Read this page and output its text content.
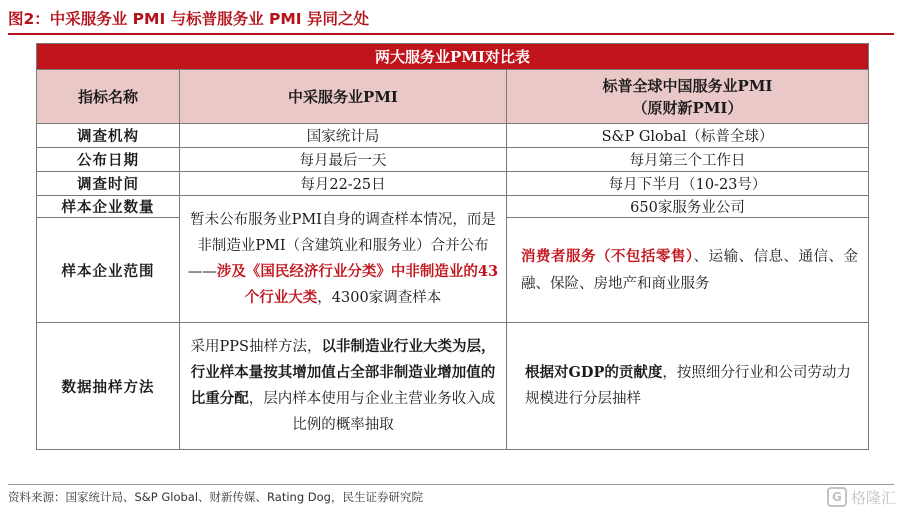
图2：中采服务业 PMI 与标普服务业 PMI 异同之处
两大服务业PMI对比表		
指标名称	中采服务业PMI	标普全球中国服务业PMI
（原财新PMI）

调查机构	国家统计局	S&P Global（标普全球）
公布日期	每月最后一天	每月第三个工作日
调查时间	每月22-25日	每月下半月（10-23号）
样本企业数量	暂未公布服务业PMI自身的调查样本情况，而是非制造业PMI（含建筑业和服务业）合并公布——涉及《国民经济行业分类》中非制造业的43个行业大类，4300家调查样本	650家服务业公司
样本企业范围		消费者服务（不包括零售）、运输、信息、通信、金融、保险、房地产和商业服务
数据抽样方法	采用PPS抽样方法，以非制造业行业大类为层，行业样本量按其增加值占全部非制造业增加值的比重分配，层内样本使用与企业主营业务收入成比例的概率抽取	根据对GDP的贡献度，按照细分行业和公司劳动力规模进行分层抽样
资料来源：国家统计局、S&P Global、财新传媒、Rating Dog，民生证券研究院	G 格隆汇
